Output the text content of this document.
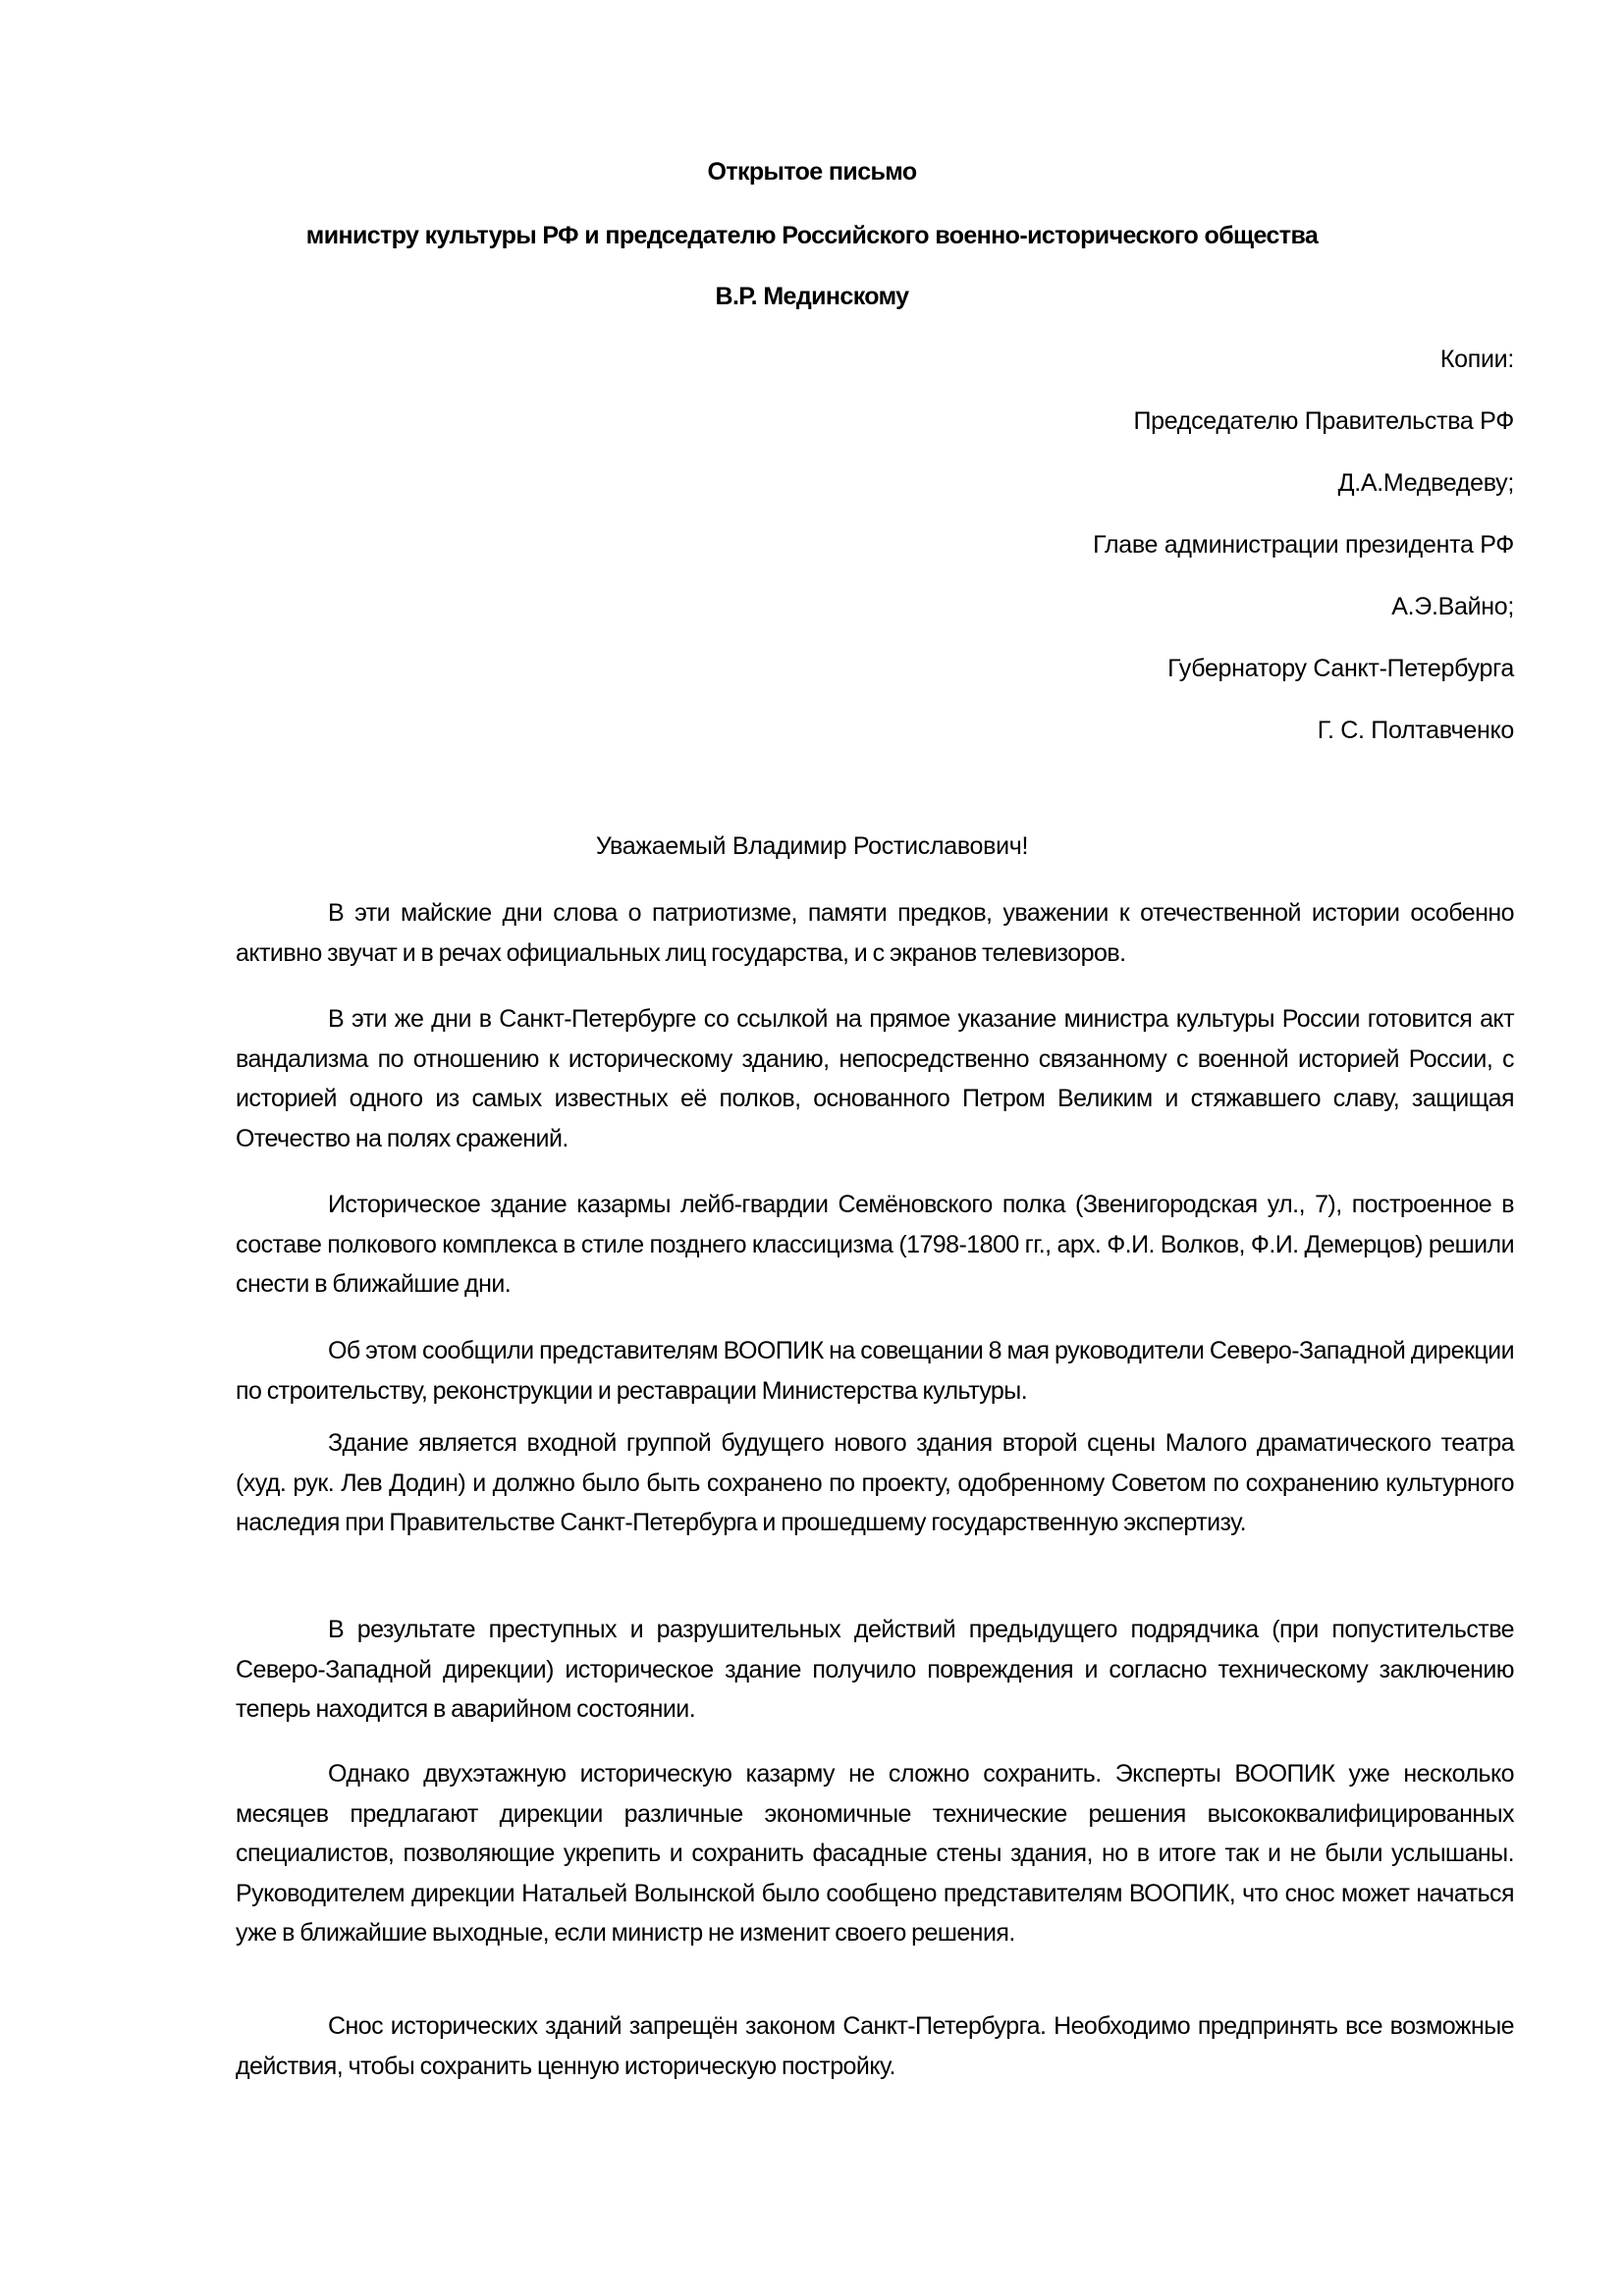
Открытое письмо
министру культуры РФ и председателю Российского военно-исторического общества
В.Р. Мединскому
Копии:
Председателю Правительства РФ
Д.А.Медведеву;
Главе администрации президента РФ
А.Э.Вайно;
Губернатору Санкт-Петербурга
Г. С. Полтавченко
Уважаемый Владимир Ростиславович!

В эти майские дни слова о патриотизме, памяти предков, уважении к отечественной истории особенно активно звучат и в речах официальных лиц государства, и с экранов телевизоров.

В эти же дни в Санкт-Петербурге со ссылкой на прямое указание министра культуры России готовится акт вандализма по отношению к историческому зданию, непосредственно связанному с военной историей России, с историей одного из самых известных её полков, основанного Петром Великим и стяжавшего славу, защищая Отечество на полях сражений.

Историческое здание казармы лейб-гвардии Семёновского полка (Звенигородская ул., 7), построенное в составе полкового комплекса в стиле позднего классицизма (1798-1800 гг., арх. Ф.И. Волков, Ф.И. Демерцов) решили снести в ближайшие дни.

Об этом сообщили представителям ВООПИК на совещании 8 мая руководители Северо-Западной дирекции по строительству, реконструкции и реставрации Министерства культуры.

Здание является входной группой будущего нового здания второй сцены Малого драматического театра (худ. рук. Лев Додин) и должно было быть сохранено по проекту, одобренному Советом по сохранению культурного наследия при Правительстве Санкт-Петербурга и прошедшему государственную экспертизу.

В результате преступных и разрушительных действий предыдущего подрядчика (при попустительстве Северо-Западной дирекции) историческое здание получило повреждения и согласно техническому заключению теперь находится в аварийном состоянии.

Однако двухэтажную историческую казарму не сложно сохранить. Эксперты ВООПИК уже несколько месяцев предлагают дирекции различные экономичные технические решения высококвалифицированных специалистов, позволяющие укрепить и сохранить фасадные стены здания, но в итоге так и не были услышаны. Руководителем дирекции Натальей Волынской было сообщено представителям ВООПИК, что снос может начаться уже в ближайшие выходные, если министр не изменит своего решения.

Снос исторических зданий запрещён законом Санкт-Петербурга. Необходимо предпринять все возможные действия, чтобы сохранить ценную историческую постройку.
